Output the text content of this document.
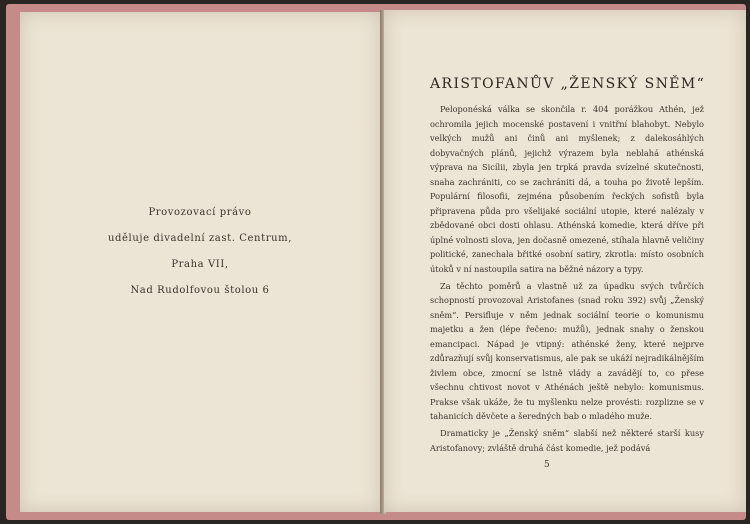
Provozovací právo
uděluje divadelní zast. Centrum,
Praha VII,
Nad Rudolfovou štolou 6
ARISTOFANŮV „ŽENSKÝ SNĚM“

Peloponéská válka se skončila r. 404 porážkou Athén, jež ochromila jejich mocenské postavení i vnitřní blahobyt. Nebylo velkých mužů ani činů ani myšlenek; z dalekosáhlých dobyvačných plánů, jejichž výrazem byla neblahá athénská výprava na Sicílii, zbyla jen trpká pravda svízelné skutečnosti, snaha zachrániti, co se zachrániti dá, a touha po životě lepším. Populární filosofii, zejména působením řeckých sofistů byla připravena půda pro všelijaké sociální utopie, které nalézaly v zbědované obci dosti ohlasu. Athénská komedie, která dříve při úplné volnosti slova, jen dočasně omezené, stíhala hlavně veličiny politické, zanechala břitké osobní satiry, zkrotla: místo osobních útoků v ní nastoupila satira na běžné názory a typy.

Za těchto poměrů a vlastně už za úpadku svých tvůrčích schopností provozoval Aristofanes (snad roku 392) svůj „Ženský sněm“. Persifluje v něm jednak sociální teorie o komunismu majetku a žen (lépe řečeno: mužů), jednak snahy o ženskou emancipaci. Nápad je vtipný: athénské ženy, které nejprve zdůrazňují svůj konservatismus, ale pak se ukáží nejradikálnějším živlem obce, zmocní se lstně vlády a zavádějí to, co přese všechnu chtivost novot v Athénách ještě nebylo: komunismus. Prakse však ukáže, že tu myšlenku nelze provésti: rozplizne se v tahanicích děvčete a šeredných bab o mladého muže.

Dramaticky je „Ženský sněm“ slabší než některé starší kusy Aristofanovy; zvláště druhá část komedie, jež podává

5
